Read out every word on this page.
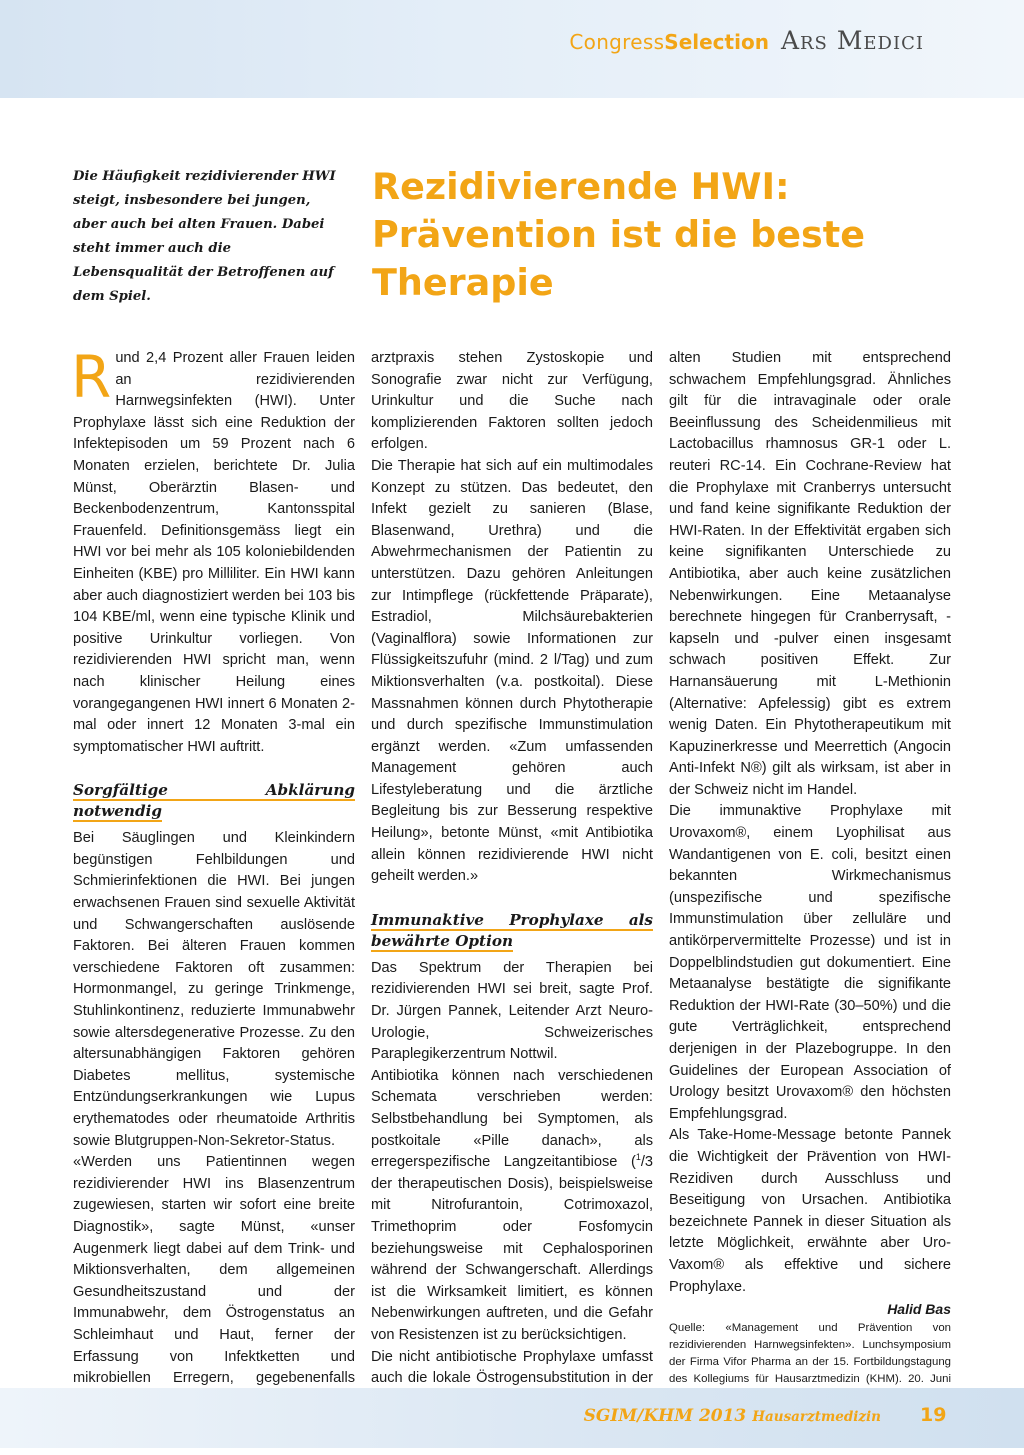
Congress Selection Ars Medici
Die Häufigkeit rezidivierender HWI steigt, insbesondere bei jungen, aber auch bei alten Frauen. Dabei steht immer auch die Lebensqualität der Betroffenen auf dem Spiel.
Rezidivierende HWI: Prävention ist die beste Therapie

Rund 2,4 Prozent aller Frauen leiden an rezidivierenden Harnwegsinfekten (HWI). Unter Prophylaxe lässt sich eine Reduktion der Infektepisoden um 59 Prozent nach 6 Monaten erzielen, berichtete Dr. Julia Münst, Oberärztin Blasen- und Beckenbodenzentrum, Kantonsspital Frauenfeld. Definitionsgemäss liegt ein HWI vor bei mehr als 105 koloniebildenden Einheiten (KBE) pro Milliliter. Ein HWI kann aber auch diagnostiziert werden bei 103 bis 104 KBE/ml, wenn eine typische Klinik und positive Urinkultur vorliegen. Von rezidivierenden HWI spricht man, wenn nach klinischer Heilung eines vorangegangenen HWI innert 6 Monaten 2-mal oder innert 12 Monaten 3-mal ein symptomatischer HWI auftritt.

Sorgfältige Abklärung notwendig

Bei Säuglingen und Kleinkindern begünstigen Fehlbildungen und Schmierinfektionen die HWI. Bei jungen erwachsenen Frauen sind sexuelle Aktivität und Schwangerschaften auslösende Faktoren. Bei älteren Frauen kommen verschiedene Faktoren oft zusammen: Hormonmangel, zu geringe Trinkmenge, Stuhlinkontinenz, reduzierte Immunabwehr sowie altersdegenerative Prozesse. Zu den altersunabhängigen Faktoren gehören Diabetes mellitus, systemische Entzündungserkrankungen wie Lupus erythematodes oder rheumatoide Arthritis sowie Blutgruppen-Non-Sekretor-Status.

«Werden uns Patientinnen wegen rezidivierender HWI ins Blasenzentrum zugewiesen, starten wir sofort eine breite Diagnostik», sagte Münst, «unser Augenmerk liegt dabei auf dem Trink- und Miktionsverhalten, dem allgemeinen Gesundheitszustand und der Immunabwehr, dem Östrogenstatus an Schleimhaut und Haut, ferner der Erfassung von Infektketten und mikrobiellen Erregern, gegebenenfalls

arztpraxis stehen Zystoskopie und Sonografie zwar nicht zur Verfügung, Urinkultur und die Suche nach komplizierenden Faktoren sollten jedoch erfolgen.

Die Therapie hat sich auf ein multimodales Konzept zu stützen. Das bedeutet, den Infekt gezielt zu sanieren (Blase, Blasenwand, Urethra) und die Abwehrmechanismen der Patientin zu unterstützen. Dazu gehören Anleitungen zur Intimpflege (rückfettende Präparate), Estradiol, Milchsäurebakterien (Vaginalflora) sowie Informationen zur Flüssigkeitszufuhr (mind. 2 l/Tag) und zum Miktionsverhalten (v.a. postkoital). Diese Massnahmen können durch Phytotherapie und durch spezifische Immunstimulation ergänzt werden. «Zum umfassenden Management gehören auch Lifestyleberatung und die ärztliche Begleitung bis zur Besserung respektive Heilung», betonte Münst, «mit Antibiotika allein können rezidivierende HWI nicht geheilt werden.»

Immunaktive Prophylaxe als bewährte Option

Das Spektrum der Therapien bei rezidivierenden HWI sei breit, sagte Prof. Dr. Jürgen Pannek, Leitender Arzt Neuro-Urologie, Schweizerisches Paraplegikerzentrum Nottwil.

Antibiotika können nach verschiedenen Schemata verschrieben werden: Selbstbehandlung bei Symptomen, als postkoitale «Pille danach», als erregerspezifische Langzeitantibiose ($^1$/3 der therapeutischen Dosis), beispielsweise mit Nitrofurantoin, Cotrimoxazol, Trimethoprim oder Fosfomycin beziehungsweise mit Cephalosporinen während der Schwangerschaft. Allerdings ist die Wirksamkeit limitiert, es können Nebenwirkungen auftreten, und die Gefahr von Resistenzen ist zu berücksichtigen.

Die nicht antibiotische Prophylaxe umfasst auch die lokale Östrogensubstitution in der

alten Studien mit entsprechend schwachem Empfehlungsgrad. Ähnliches gilt für die intravaginale oder orale Beeinflussung des Scheidenmilieus mit Lactobacillus rhamnosus GR-1 oder L. reuteri RC-14. Ein Cochrane-Review hat die Prophylaxe mit Cranberrys untersucht und fand keine signifikante Reduktion der HWI-Raten. In der Effektivität ergaben sich keine signifikanten Unterschiede zu Antibiotika, aber auch keine zusätzlichen Nebenwirkungen. Eine Metaanalyse berechnete hingegen für Cranberrysaft, -kapseln und -pulver einen insgesamt schwach positiven Effekt. Zur Harnansäuerung mit L-Methionin (Alternative: Apfelessig) gibt es extrem wenig Daten. Ein Phytotherapeutikum mit Kapuzinerkresse und Meerrettich (Angocin Anti-Infekt N®) gilt als wirksam, ist aber in der Schweiz nicht im Handel.

Die immunaktive Prophylaxe mit Urovaxom®, einem Lyophilisat aus Wandantigenen von E. coli, besitzt einen bekannten Wirkmechanismus (unspezifische und spezifische Immunstimulation über zelluläre und antikörpervermittelte Prozesse) und ist in Doppelblindstudien gut dokumentiert. Eine Metaanalyse bestätigte die signifikante Reduktion der HWI-Rate (30–50%) und die gute Verträglichkeit, entsprechend derjenigen in der Plazebogruppe. In den Guidelines der European Association of Urology besitzt Urovaxom® den höchsten Empfehlungsgrad.

Als Take-Home-Message betonte Pannek die Wichtigkeit der Prävention von HWI-Rezidiven durch Ausschluss und Beseitigung von Ursachen. Antibiotika bezeichnete Pannek in dieser Situation als letzte Möglichkeit, erwähnte aber Uro-Vaxom® als effektive und sichere Prophylaxe.

Halid Bas

Quelle: «Management und Prävention von rezidivierenden Harnwegsinfekten». Lunchsymposium der Firma Vifor Pharma an der 15. Fortbildungstagung des Kollegiums für Hausarztmedizin (KHM). 20. Juni

SGIM/KHM 2013 Hausarztmedizin 19
